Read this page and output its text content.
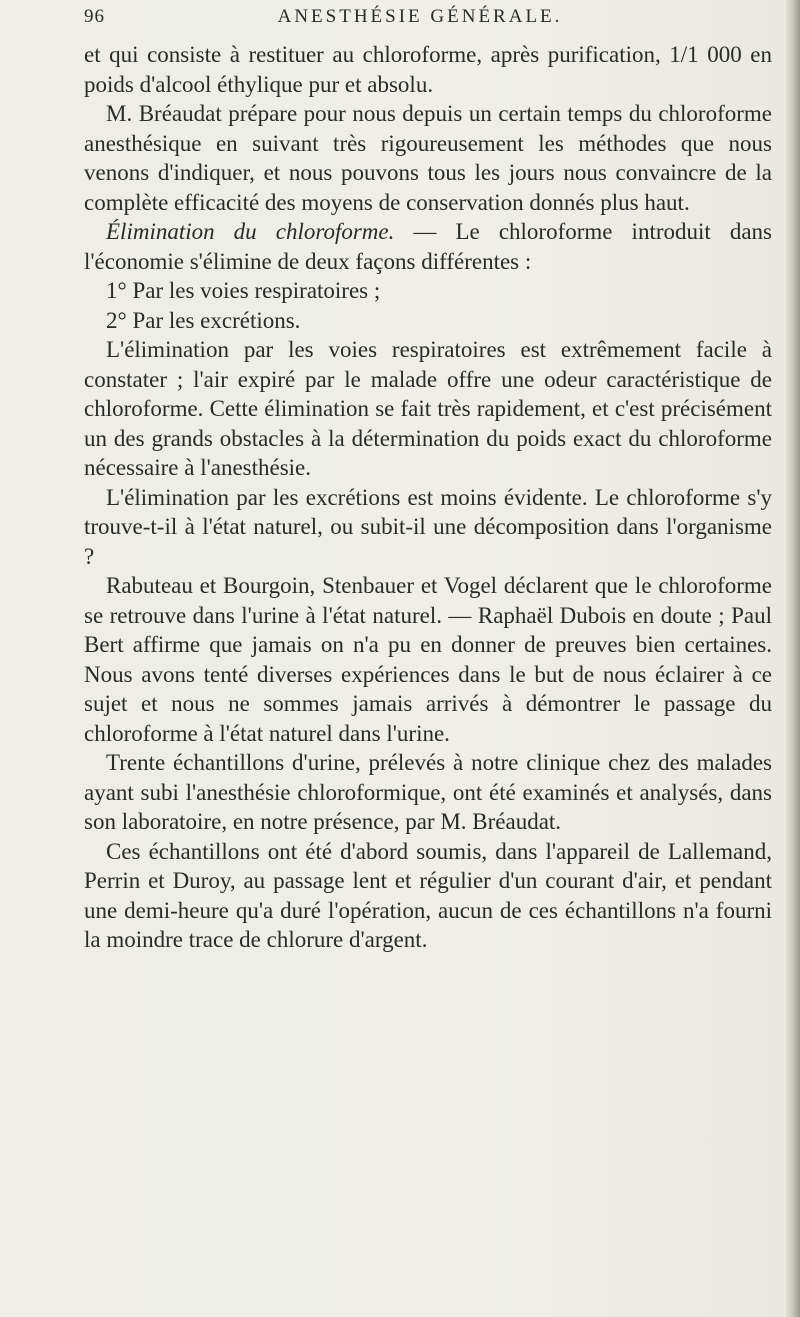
96	ANESTHÉSIE GÉNÉRALE.

et qui consiste à restituer au chloroforme, après purification, 1/1 000 en poids d'alcool éthylique pur et absolu.

M. Bréaudat prépare pour nous depuis un certain temps du chloroforme anesthésique en suivant très rigoureusement les méthodes que nous venons d'indiquer, et nous pouvons tous les jours nous convaincre de la complète efficacité des moyens de conservation donnés plus haut.

Élimination du chloroforme. — Le chloroforme introduit dans l'économie s'élimine de deux façons différentes :

1° Par les voies respiratoires ;

2° Par les excrétions.

L'élimination par les voies respiratoires est extrêmement facile à constater ; l'air expiré par le malade offre une odeur caractéristique de chloroforme. Cette élimination se fait très rapidement, et c'est précisément un des grands obstacles à la détermination du poids exact du chloroforme nécessaire à l'anesthésie.

L'élimination par les excrétions est moins évidente. Le chloroforme s'y trouve-t-il à l'état naturel, ou subit-il une décomposition dans l'organisme ?

Rabuteau et Bourgoin, Stenbauer et Vogel déclarent que le chloroforme se retrouve dans l'urine à l'état naturel. — Raphaël Dubois en doute ; Paul Bert affirme que jamais on n'a pu en donner de preuves bien certaines. Nous avons tenté diverses expériences dans le but de nous éclairer à ce sujet et nous ne sommes jamais arrivés à démontrer le passage du chloroforme à l'état naturel dans l'urine.

Trente échantillons d'urine, prélevés à notre clinique chez des malades ayant subi l'anesthésie chloroformique, ont été examinés et analysés, dans son laboratoire, en notre présence, par M. Bréaudat.

Ces échantillons ont été d'abord soumis, dans l'appareil de Lallemand, Perrin et Duroy, au passage lent et régulier d'un courant d'air, et pendant une demi-heure qu'a duré l'opération, aucun de ces échantillons n'a fourni la moindre trace de chlorure d'argent.
